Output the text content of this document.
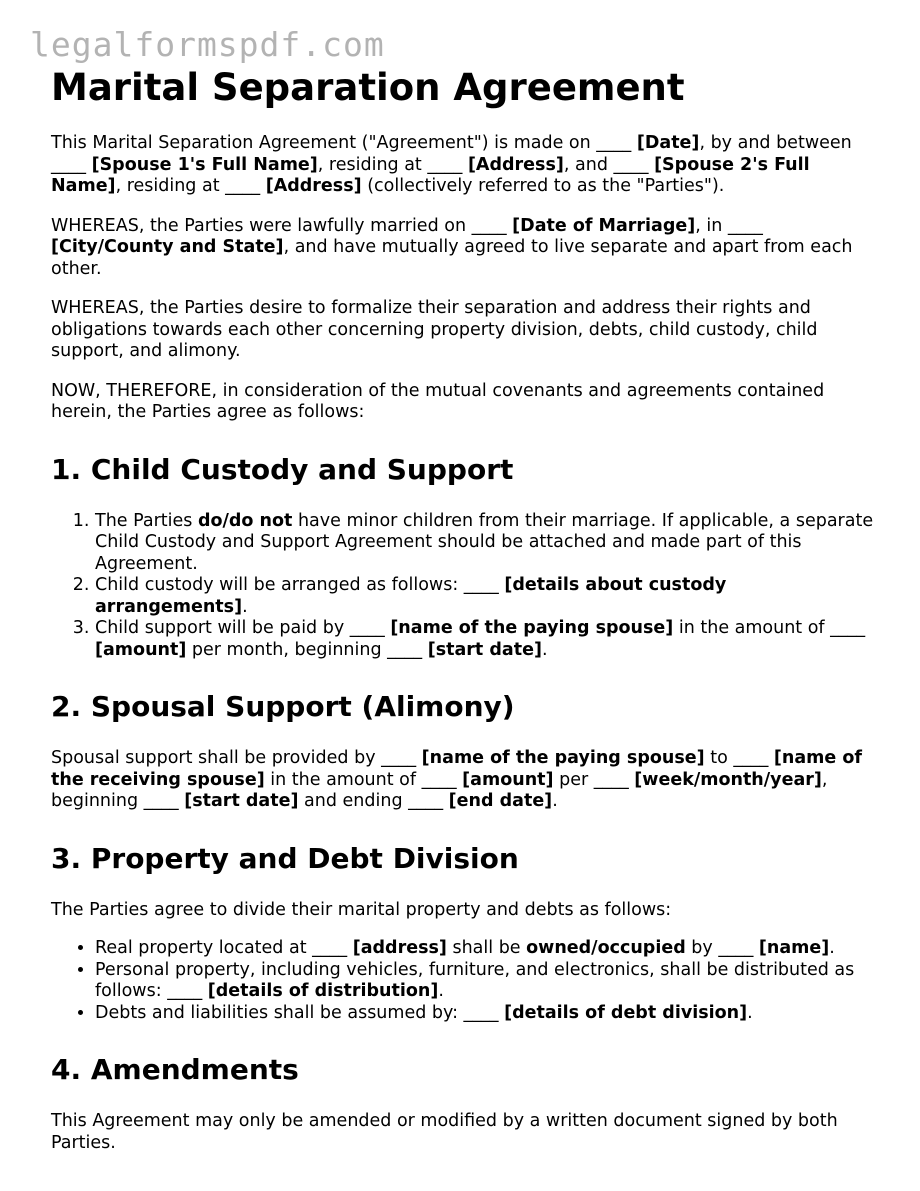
legalformspdf.com
Marital Separation Agreement

This Marital Separation Agreement ("Agreement") is made on ____ [Date], by and between ____ [Spouse 1's Full Name], residing at ____ [Address], and ____ [Spouse 2's Full Name], residing at ____ [Address] (collectively referred to as the "Parties").

WHEREAS, the Parties were lawfully married on ____ [Date of Marriage], in ____ [City/County and State], and have mutually agreed to live separate and apart from each other.

WHEREAS, the Parties desire to formalize their separation and address their rights and obligations towards each other concerning property division, debts, child custody, child support, and alimony.

NOW, THEREFORE, in consideration of the mutual covenants and agreements contained herein, the Parties agree as follows:

1. Child Custody and Support
1. The Parties do/do not have minor children from their marriage. If applicable, a separate Child Custody and Support Agreement should be attached and made part of this Agreement.
2. Child custody will be arranged as follows: ____ [details about custody arrangements].
3. Child support will be paid by ____ [name of the paying spouse] in the amount of ____ [amount] per month, beginning ____ [start date].
2. Spousal Support (Alimony)

Spousal support shall be provided by ____ [name of the paying spouse] to ____ [name of the receiving spouse] in the amount of ____ [amount] per ____ [week/month/year], beginning ____ [start date] and ending ____ [end date].

3. Property and Debt Division

The Parties agree to divide their marital property and debts as follows:

• Real property located at ____ [address] shall be owned/occupied by ____ [name].
• Personal property, including vehicles, furniture, and electronics, shall be distributed as follows: ____ [details of distribution].
• Debts and liabilities shall be assumed by: ____ [details of debt division].
4. Amendments

This Agreement may only be amended or modified by a written document signed by both Parties.
